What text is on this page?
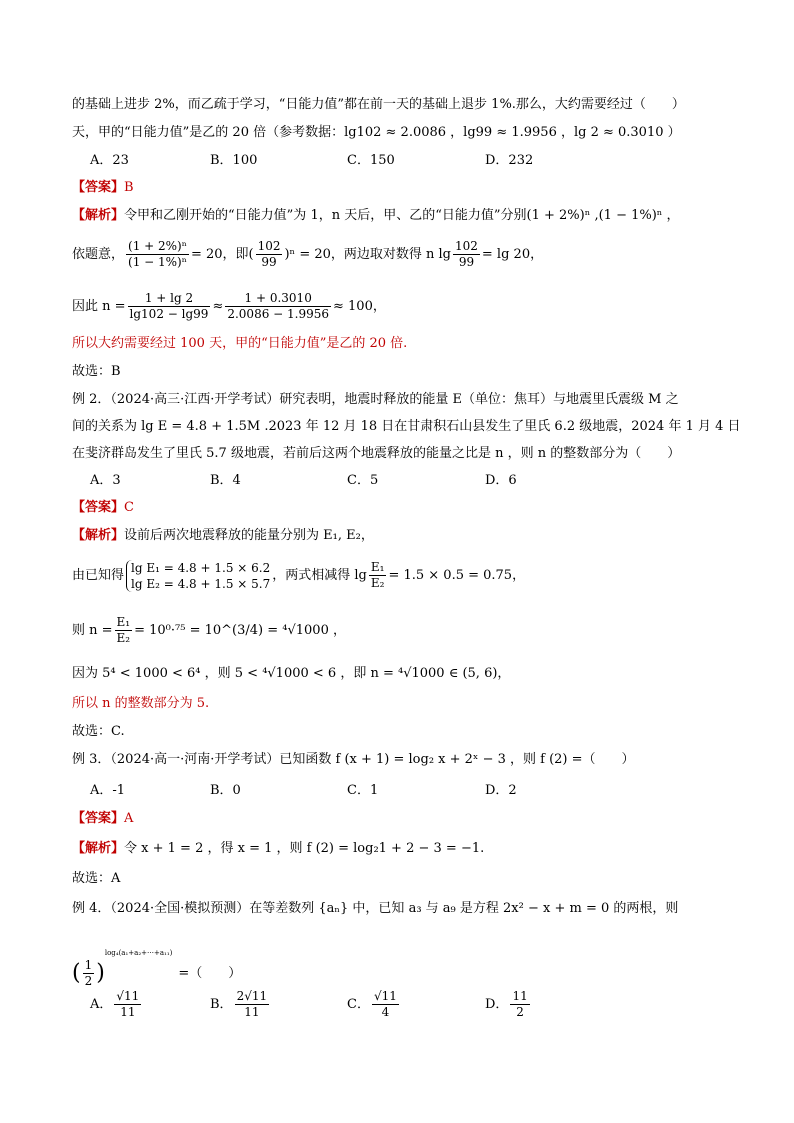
的基础上进步 2%，而乙疏于学习，“日能力值”都在前一天的基础上退步 1%.那么，大约需要经过（　　）
天，甲的“日能力值”是乙的 20 倍（参考数据：lg102 ≈ 2.0086 ，lg99 ≈ 1.9956 ，lg 2 ≈ 0.3010 ）
A．23	B．100	C．150	D．232
【答案】B
【解析】令甲和乙刚开始的“日能力值”为 1，n 天后，甲、乙的“日能力值”分别(1 + 2%)ⁿ ,(1 − 1%)ⁿ ，
依题意， $\frac{\text{(1 + 2\%)ⁿ}}{\text{(1 − 1\%)ⁿ}} = 20$，即( $\frac{102}{99} )^n = 20$，两边取对数得 n $\lg \frac{102}{99} = \lg 20$，
因此 $n = \frac{1 + \lg 2}{\lg 102 - \lg 99} \approx \frac{1 + 0.3010}{2.0086 - 1.9956} \approx 100$，
所以大约需要经过 100 天，甲的“日能力值”是乙的 20 倍.
故选：B
例 2．（2024·高三·江西·开学考试）研究表明，地震时释放的能量 E（单位：焦耳）与地震里氏震级 M 之
间的关系为 lg E = 4.8 + 1.5M .2023 年 12 月 18 日在甘肃积石山县发生了里氏 6.2 级地震，2024 年 1 月 4 日
在斐济群岛发生了里氏 5.7 级地震，若前后这两个地震释放的能量之比是 n ，则 n 的整数部分为（　　）
A．3	B．4	C．5	D．6
【答案】C
【解析】设前后两次地震释放的能量分别为 E₁, E₂，
由已知得
lg E₁ = 4.8 + 1.5 × 6.2
lg E₂ = 4.8 + 1.5 × 5.7
，两式相减得 $\lg \frac{\text{E₁}}{\text{E₂}} = 1.5 \times 0.5 = 0.75$，
则 $n = \frac{\text{E₁}}{\text{E₂}} = 10^0\cdot^{75}$ = 10^(3/4) = ⁴√1000 ，
因为 5⁴ < 1000 < 6⁴ ，则 5 < ⁴√1000 < 6 ，即 n = ⁴√1000 ∈ (5, 6)，
所以 n 的整数部分为 5.
故选：C.
例 3．（2024·高一·河南·开学考试）已知函数 f (x + 1) = log₂ x + 2ˣ − 3 ，则 f (2) =（　　）
A．-1	B．0	C．1	D．2
【答案】A
【解析】令 x + 1 = 2 ，得 x = 1 ，则 f (2) = log₂1 + 2 − 3 = −1.
故选：A
例 4．（2024·全国·模拟预测）在等差数列 {aₙ} 中，已知 a₃ 与 a₉ 是方程 2x² − x + m = 0 的两根，则
( $\frac{1}{2} )^{log_4(a_1+a_2+\cdots+a_{11})}=$（　　）
A． $\frac{√11}{11}$	B． $\frac{2√11}{11}$	C． $\frac{√11}{4}$	D． $\frac{11}{2}$
